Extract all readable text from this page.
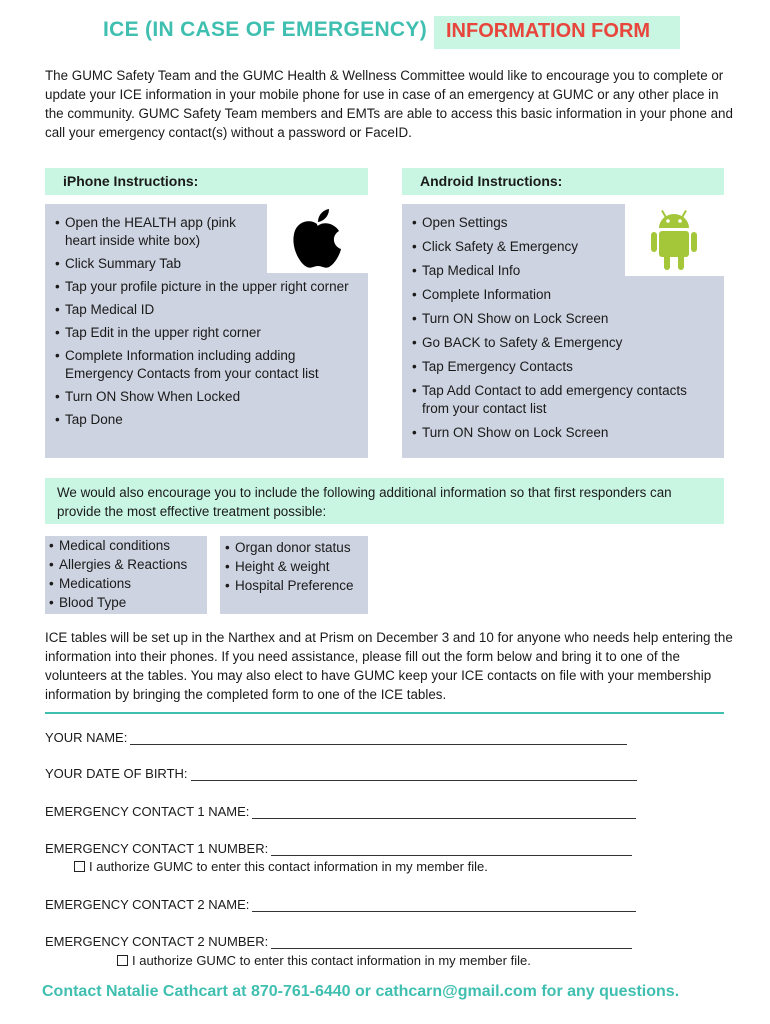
ICE (IN CASE OF EMERGENCY) INFORMATION FORM
The GUMC Safety Team and the GUMC Health & Wellness Committee would like to encourage you to complete or update your ICE information in your mobile phone for use in case of an emergency at GUMC or any other place in the community. GUMC Safety Team members and EMTs are able to access this basic information in your phone and call your emergency contact(s) without a password or FaceID.
iPhone Instructions:
• Open the HEALTH app (pink heart inside white box)
• Click Summary Tab
• Tap your profile picture in the upper right corner
• Tap Medical ID
• Tap Edit in the upper right corner
• Complete Information including adding Emergency Contacts from your contact list
• Turn ON Show When Locked
• Tap Done
Android Instructions:
• Open Settings
• Click Safety & Emergency
• Tap Medical Info
• Complete Information
• Turn ON Show on Lock Screen
• Go BACK to Safety & Emergency
• Tap Emergency Contacts
• Tap Add Contact to add emergency contacts from your contact list
• Turn ON Show on Lock Screen
We would also encourage you to include the following additional information so that first responders can provide the most effective treatment possible:
• Medical conditions
• Allergies & Reactions
• Medications
• Blood Type
• Organ donor status
• Height & weight
• Hospital Preference
ICE tables will be set up in the Narthex and at Prism on December 3 and 10 for anyone who needs help entering the information into their phones. If you need assistance, please fill out the form below and bring it to one of the volunteers at the tables. You may also elect to have GUMC keep your ICE contacts on file with your membership information by bringing the completed form to one of the ICE tables.
YOUR NAME:
YOUR DATE OF BIRTH:
EMERGENCY CONTACT 1 NAME:
EMERGENCY CONTACT 1 NUMBER:
I authorize GUMC to enter this contact information in my member file.
EMERGENCY CONTACT 2 NAME:
EMERGENCY CONTACT 2 NUMBER:
I authorize GUMC to enter this contact information in my member file.
Contact Natalie Cathcart at 870-761-6440 or cathcarn@gmail.com for any questions.
